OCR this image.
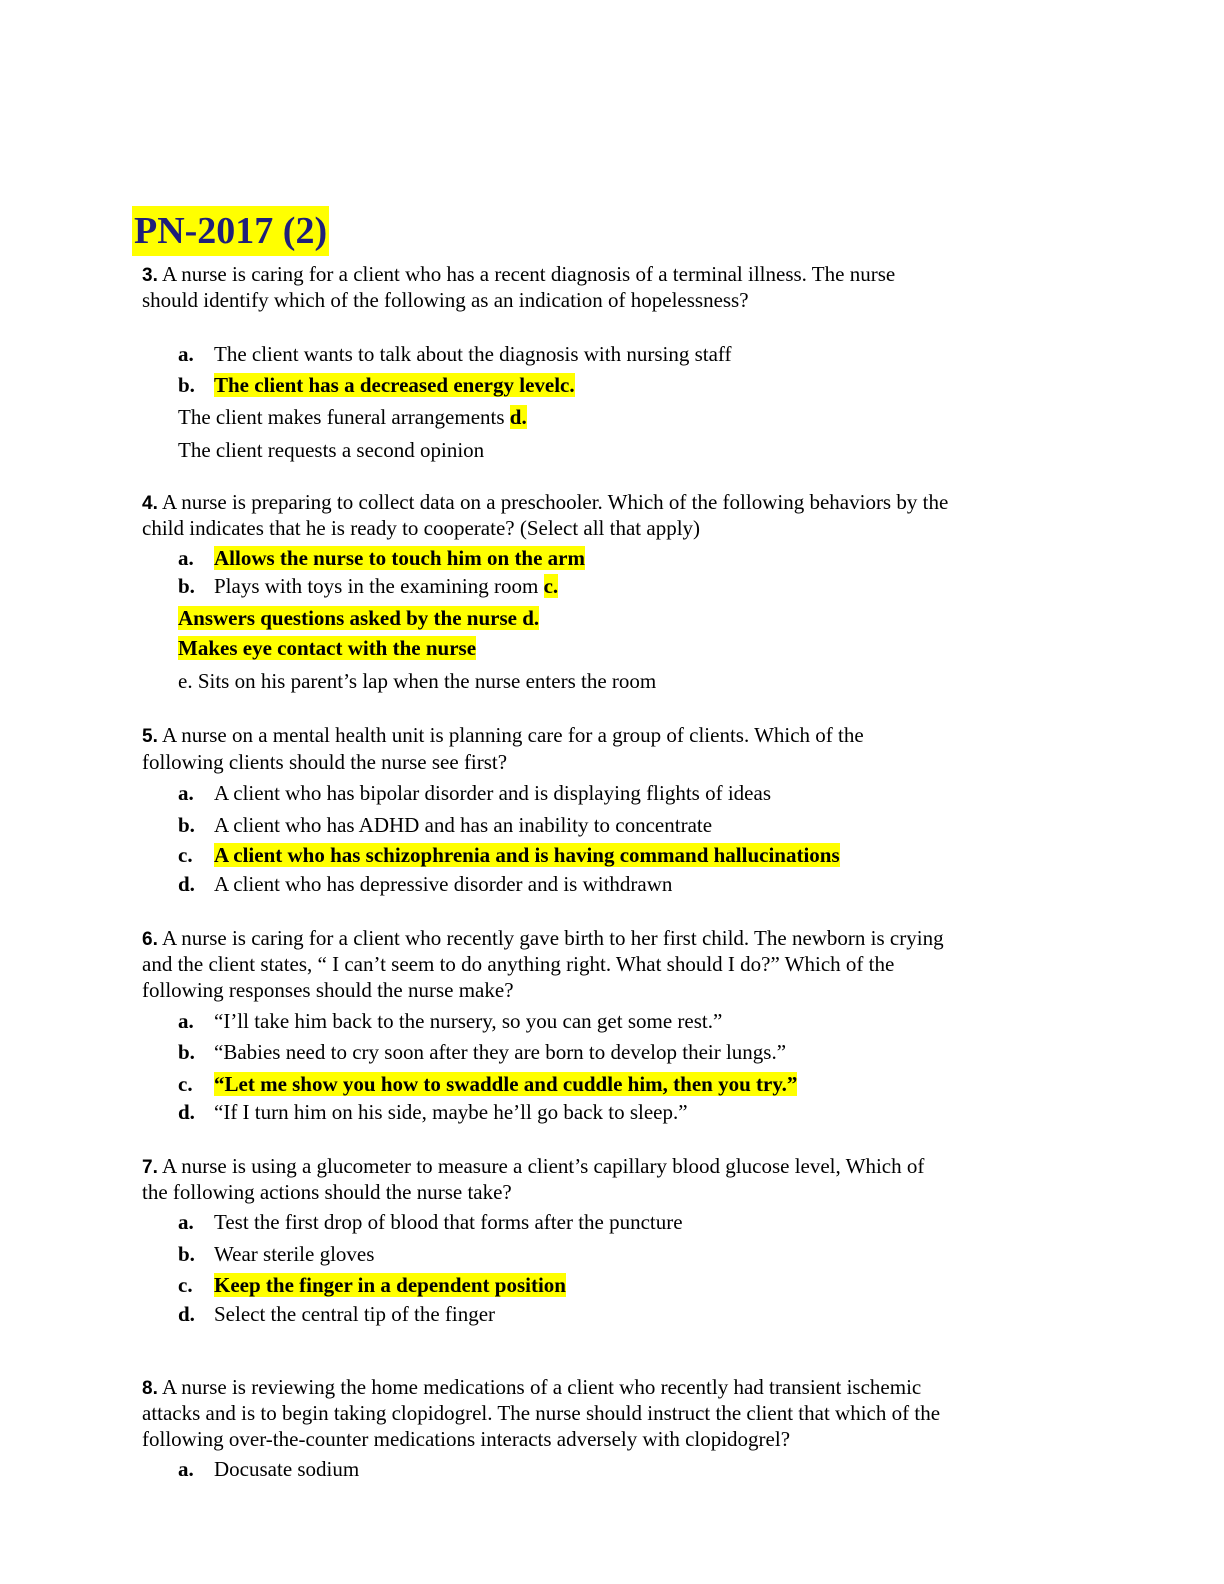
PN-2017 (2)
3. A nurse is caring for a client who has a recent diagnosis of a terminal illness. The nurse
should identify which of the following as an indication of hopelessness?
a. The client wants to talk about the diagnosis with nursing staff
b. The client has a decreased energy levelc.
The client makes funeral arrangements d.
The client requests a second opinion
4. A nurse is preparing to collect data on a preschooler. Which of the following behaviors by the
child indicates that he is ready to cooperate? (Select all that apply)
a. Allows the nurse to touch him on the arm
b. Plays with toys in the examining room c.
Answers questions asked by the nurse d.
Makes eye contact with the nurse
e. Sits on his parent’s lap when the nurse enters the room
5. A nurse on a mental health unit is planning care for a group of clients. Which of the
following clients should the nurse see first?
a. A client who has bipolar disorder and is displaying flights of ideas
b. A client who has ADHD and has an inability to concentrate
c. A client who has schizophrenia and is having command hallucinations
d. A client who has depressive disorder and is withdrawn
6. A nurse is caring for a client who recently gave birth to her first child. The newborn is crying
and the client states, “ I can’t seem to do anything right. What should I do?” Which of the
following responses should the nurse make?
a. “I’ll take him back to the nursery, so you can get some rest.”
b. “Babies need to cry soon after they are born to develop their lungs.”
c. “Let me show you how to swaddle and cuddle him, then you try.”
d. “If I turn him on his side, maybe he’ll go back to sleep.”
7. A nurse is using a glucometer to measure a client’s capillary blood glucose level, Which of
the following actions should the nurse take?
a. Test the first drop of blood that forms after the puncture
b. Wear sterile gloves
c. Keep the finger in a dependent position
d. Select the central tip of the finger
8. A nurse is reviewing the home medications of a client who recently had transient ischemic
attacks and is to begin taking clopidogrel. The nurse should instruct the client that which of the
following over-the-counter medications interacts adversely with clopidogrel?
a. Docusate sodium
